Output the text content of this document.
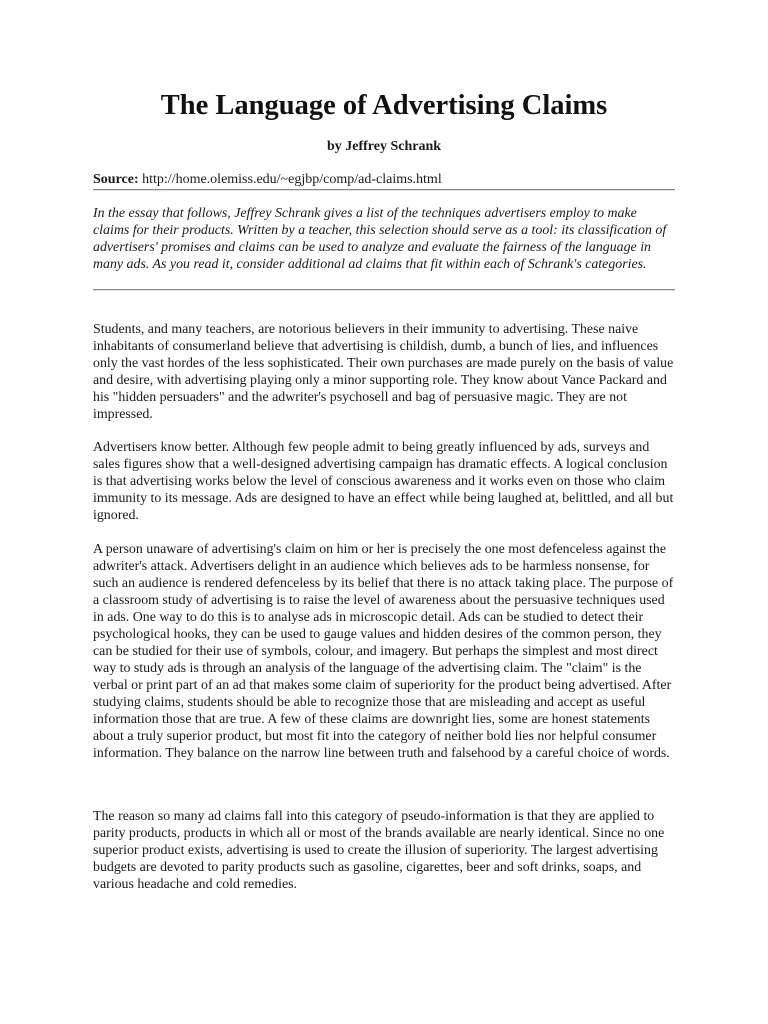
The Language of Advertising Claims
by Jeffrey Schrank
Source: http://home.olemiss.edu/~egjbp/comp/ad-claims.html

In the essay that follows, Jeffrey Schrank gives a list of the techniques advertisers employ to make claims for their products. Written by a teacher, this selection should serve as a tool: its classification of advertisers' promises and claims can be used to analyze and evaluate the fairness of the language in many ads. As you read it, consider additional ad claims that fit within each of Schrank's categories.

Students, and many teachers, are notorious believers in their immunity to advertising. These naive inhabitants of consumerland believe that advertising is childish, dumb, a bunch of lies, and influences only the vast hordes of the less sophisticated. Their own purchases are made purely on the basis of value and desire, with advertising playing only a minor supporting role. They know about Vance Packard and his "hidden persuaders" and the adwriter's psychosell and bag of persuasive magic. They are not impressed.

Advertisers know better. Although few people admit to being greatly influenced by ads, surveys and sales figures show that a well-designed advertising campaign has dramatic effects. A logical conclusion is that advertising works below the level of conscious awareness and it works even on those who claim immunity to its message. Ads are designed to have an effect while being laughed at, belittled, and all but ignored.

A person unaware of advertising's claim on him or her is precisely the one most defenceless against the adwriter's attack. Advertisers delight in an audience which believes ads to be harmless nonsense, for such an audience is rendered defenceless by its belief that there is no attack taking place. The purpose of a classroom study of advertising is to raise the level of awareness about the persuasive techniques used in ads. One way to do this is to analyse ads in microscopic detail. Ads can be studied to detect their psychological hooks, they can be used to gauge values and hidden desires of the common person, they can be studied for their use of symbols, colour, and imagery. But perhaps the simplest and most direct way to study ads is through an analysis of the language of the advertising claim. The "claim" is the verbal or print part of an ad that makes some claim of superiority for the product being advertised. After studying claims, students should be able to recognize those that are misleading and accept as useful information those that are true. A few of these claims are downright lies, some are honest statements about a truly superior product, but most fit into the category of neither bold lies nor helpful consumer information. They balance on the narrow line between truth and falsehood by a careful choice of words.

The reason so many ad claims fall into this category of pseudo-information is that they are applied to parity products, products in which all or most of the brands available are nearly identical. Since no one superior product exists, advertising is used to create the illusion of superiority. The largest advertising budgets are devoted to parity products such as gasoline, cigarettes, beer and soft drinks, soaps, and various headache and cold remedies.
